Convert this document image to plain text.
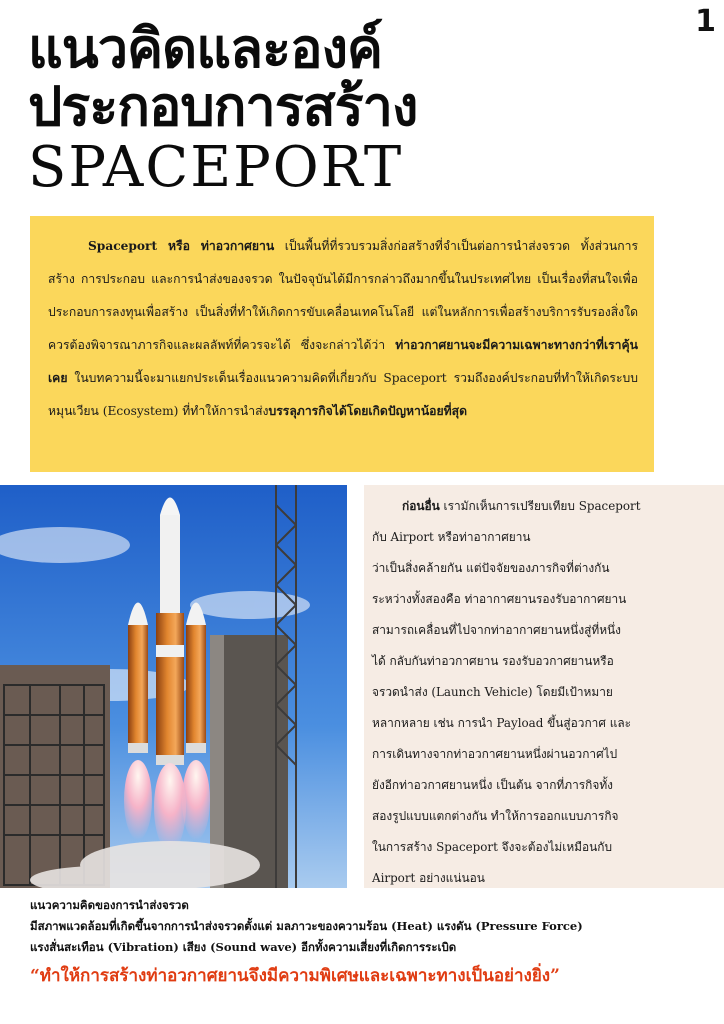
1
แนวคิดและองค์
ประกอบการสร้าง
SPACEPORT

Spaceport หรือ ท่าอวกาศยาน เป็นพื้นที่ที่รวบรวมสิ่งก่อสร้างที่จำเป็นต่อการนำส่งจรวด ทั้งส่วนการสร้าง การประกอบ และการนำส่งของจรวด ในปัจจุบันได้มีการกล่าวถึงมากขึ้นในประเทศไทย เป็นเรื่องที่สนใจเพื่อประกอบการลงทุนเพื่อสร้าง เป็นสิ่งที่ทำให้เกิดการขับเคลื่อนเทคโนโลยี แต่ในหลักการเพื่อสร้างบริการรับรองสิ่งใด ควรต้องพิจารณาภารกิจและผลลัพท์ที่ควรจะได้ ซึ่งจะกล่าวได้ว่า ท่าอวกาศยานจะมีความเฉพาะทางกว่าที่เราคุ้นเคย ในบทความนี้จะมาแยกประเด็นเรื่องแนวความคิดที่เกี่ยวกับ Spaceport รวมถึงองค์ประกอบที่ทำให้เกิดระบบหมุนเวียน (Ecosystem) ที่ทำให้การนำส่งบรรลุภารกิจได้โดยเกิดปัญหาน้อยที่สุด

ก่อนอื่น เรามักเห็นการเปรียบเทียบ Spaceport
กับ Airport หรือท่าอากาศยาน
ว่าเป็นสิ่งคล้ายกัน แต่ปัจจัยของภารกิจที่ต่างกัน
ระหว่างทั้งสองคือ ท่าอากาศยานรองรับอากาศยาน
สามารถเคลื่อนที่ไปจากท่าอากาศยานหนึ่งสู่ที่หนึ่ง
ได้ กลับกันท่าอวกาศยาน รองรับอวกาศยานหรือ
จรวดนำส่ง (Launch Vehicle) โดยมีเป้าหมาย
หลากหลาย เช่น การนำ Payload ขึ้นสู่อวกาศ และ
การเดินทางจากท่าอวกาศยานหนึ่งผ่านอวกาศไป
ยังอีกท่าอวกาศยานหนึ่ง เป็นต้น จากที่ภารกิจทั้ง
สองรูปแบบแตกต่างกัน ทำให้การออกแบบภารกิจ
ในการสร้าง Spaceport จึงจะต้องไม่เหมือนกับ
Airport อย่างแน่นอน
แนวความคิดของการนำส่งจรวด
มีสภาพแวดล้อมที่เกิดขึ้นจากการนำส่งจรวดตั้งแต่ มลภาวะของความร้อน (Heat) แรงดัน (Pressure Force)
แรงสั่นสะเทือน (Vibration) เสียง (Sound wave) อีกทั้งความเสี่ยงที่เกิดการระเบิด
“ทำให้การสร้างท่าอวกาศยานจึงมีความพิเศษและเฉพาะทางเป็นอย่างยิ่ง”
